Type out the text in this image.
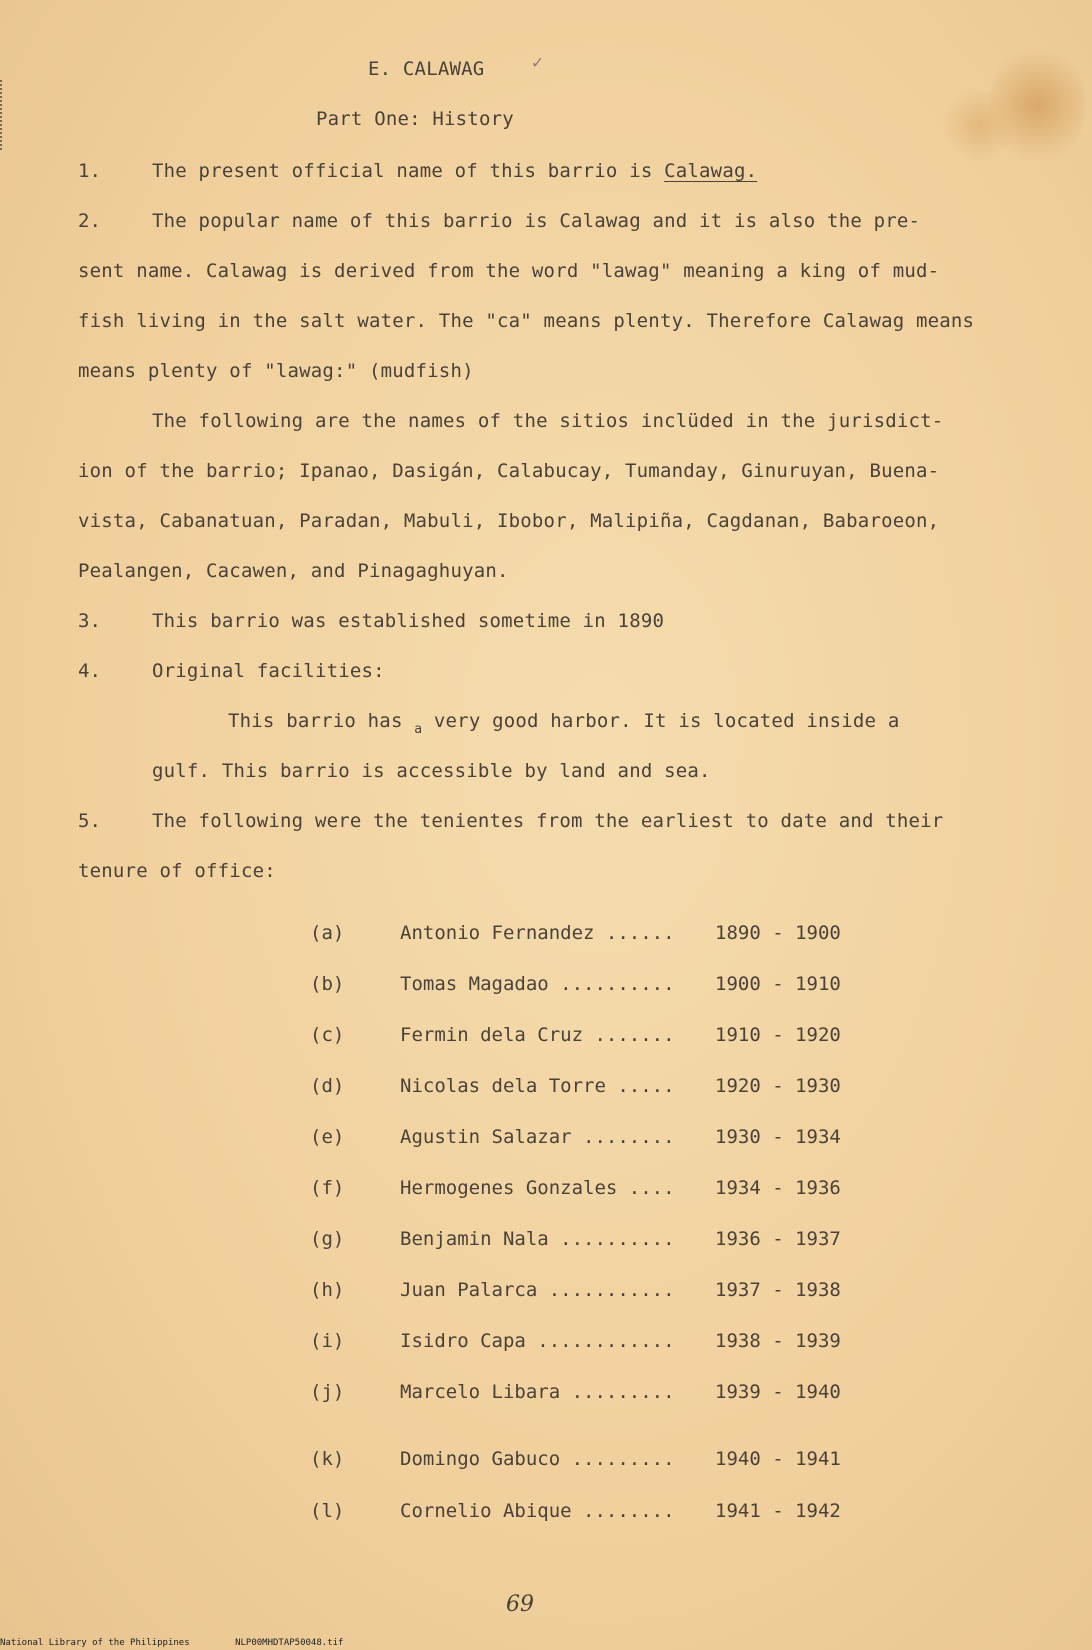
✓
E. CALAWAG
Part One: History
1.	The present official name of this barrio is Calawag.
2.	The popular name of this barrio is Calawag and it is also the pre-
sent name. Calawag is derived from the word "lawag" meaning a king of mud-
fish living in the salt water. The "ca" means plenty. Therefore Calawag means
means plenty of "lawag:" (mudfish)
The following are the names of the sitios inclüded in the jurisdict-
ion of the barrio; Ipanao, Dasigán, Calabucay, Tumanday, Ginuruyan, Buena-
vista, Cabanatuan, Paradan, Mabuli, Ibobor, Malipiña, Cagdanan, Babaroeon,
Pealangen, Cacawen, and Pinagaghuyan.
3.	This barrio was established sometime in 1890
4.	Original facilities:
This barrio has $_a$ very good harbor. It is located inside a
gulf. This barrio is accessible by land and sea.
5.	The following were the tenientes from the earliest to date and their
tenure of office:
(a)	Antonio Fernandez ...... 1890 - 1900
(b)	Tomas Magadao .......... 1900 - 1910
(c)	Fermin dela Cruz ....... 1910 - 1920
(d)	Nicolas dela Torre ..... 1920 - 1930
(e)	Agustin Salazar ........ 1930 - 1934
(f)	Hermogenes Gonzales .... 1934 - 1936
(g)	Benjamin Nala .......... 1936 - 1937
(h)	Juan Palarca ........... 1937 - 1938
(i)	Isidro Capa ............ 1938 - 1939
(j)	Marcelo Libara ......... 1939 - 1940
(k)	Domingo Gabuco ......... 1940 - 1941
(l)	Cornelio Abique ........ 1941 - 1942
69
National Library of the Philippines	NLP00MHDTAP50048.tif
